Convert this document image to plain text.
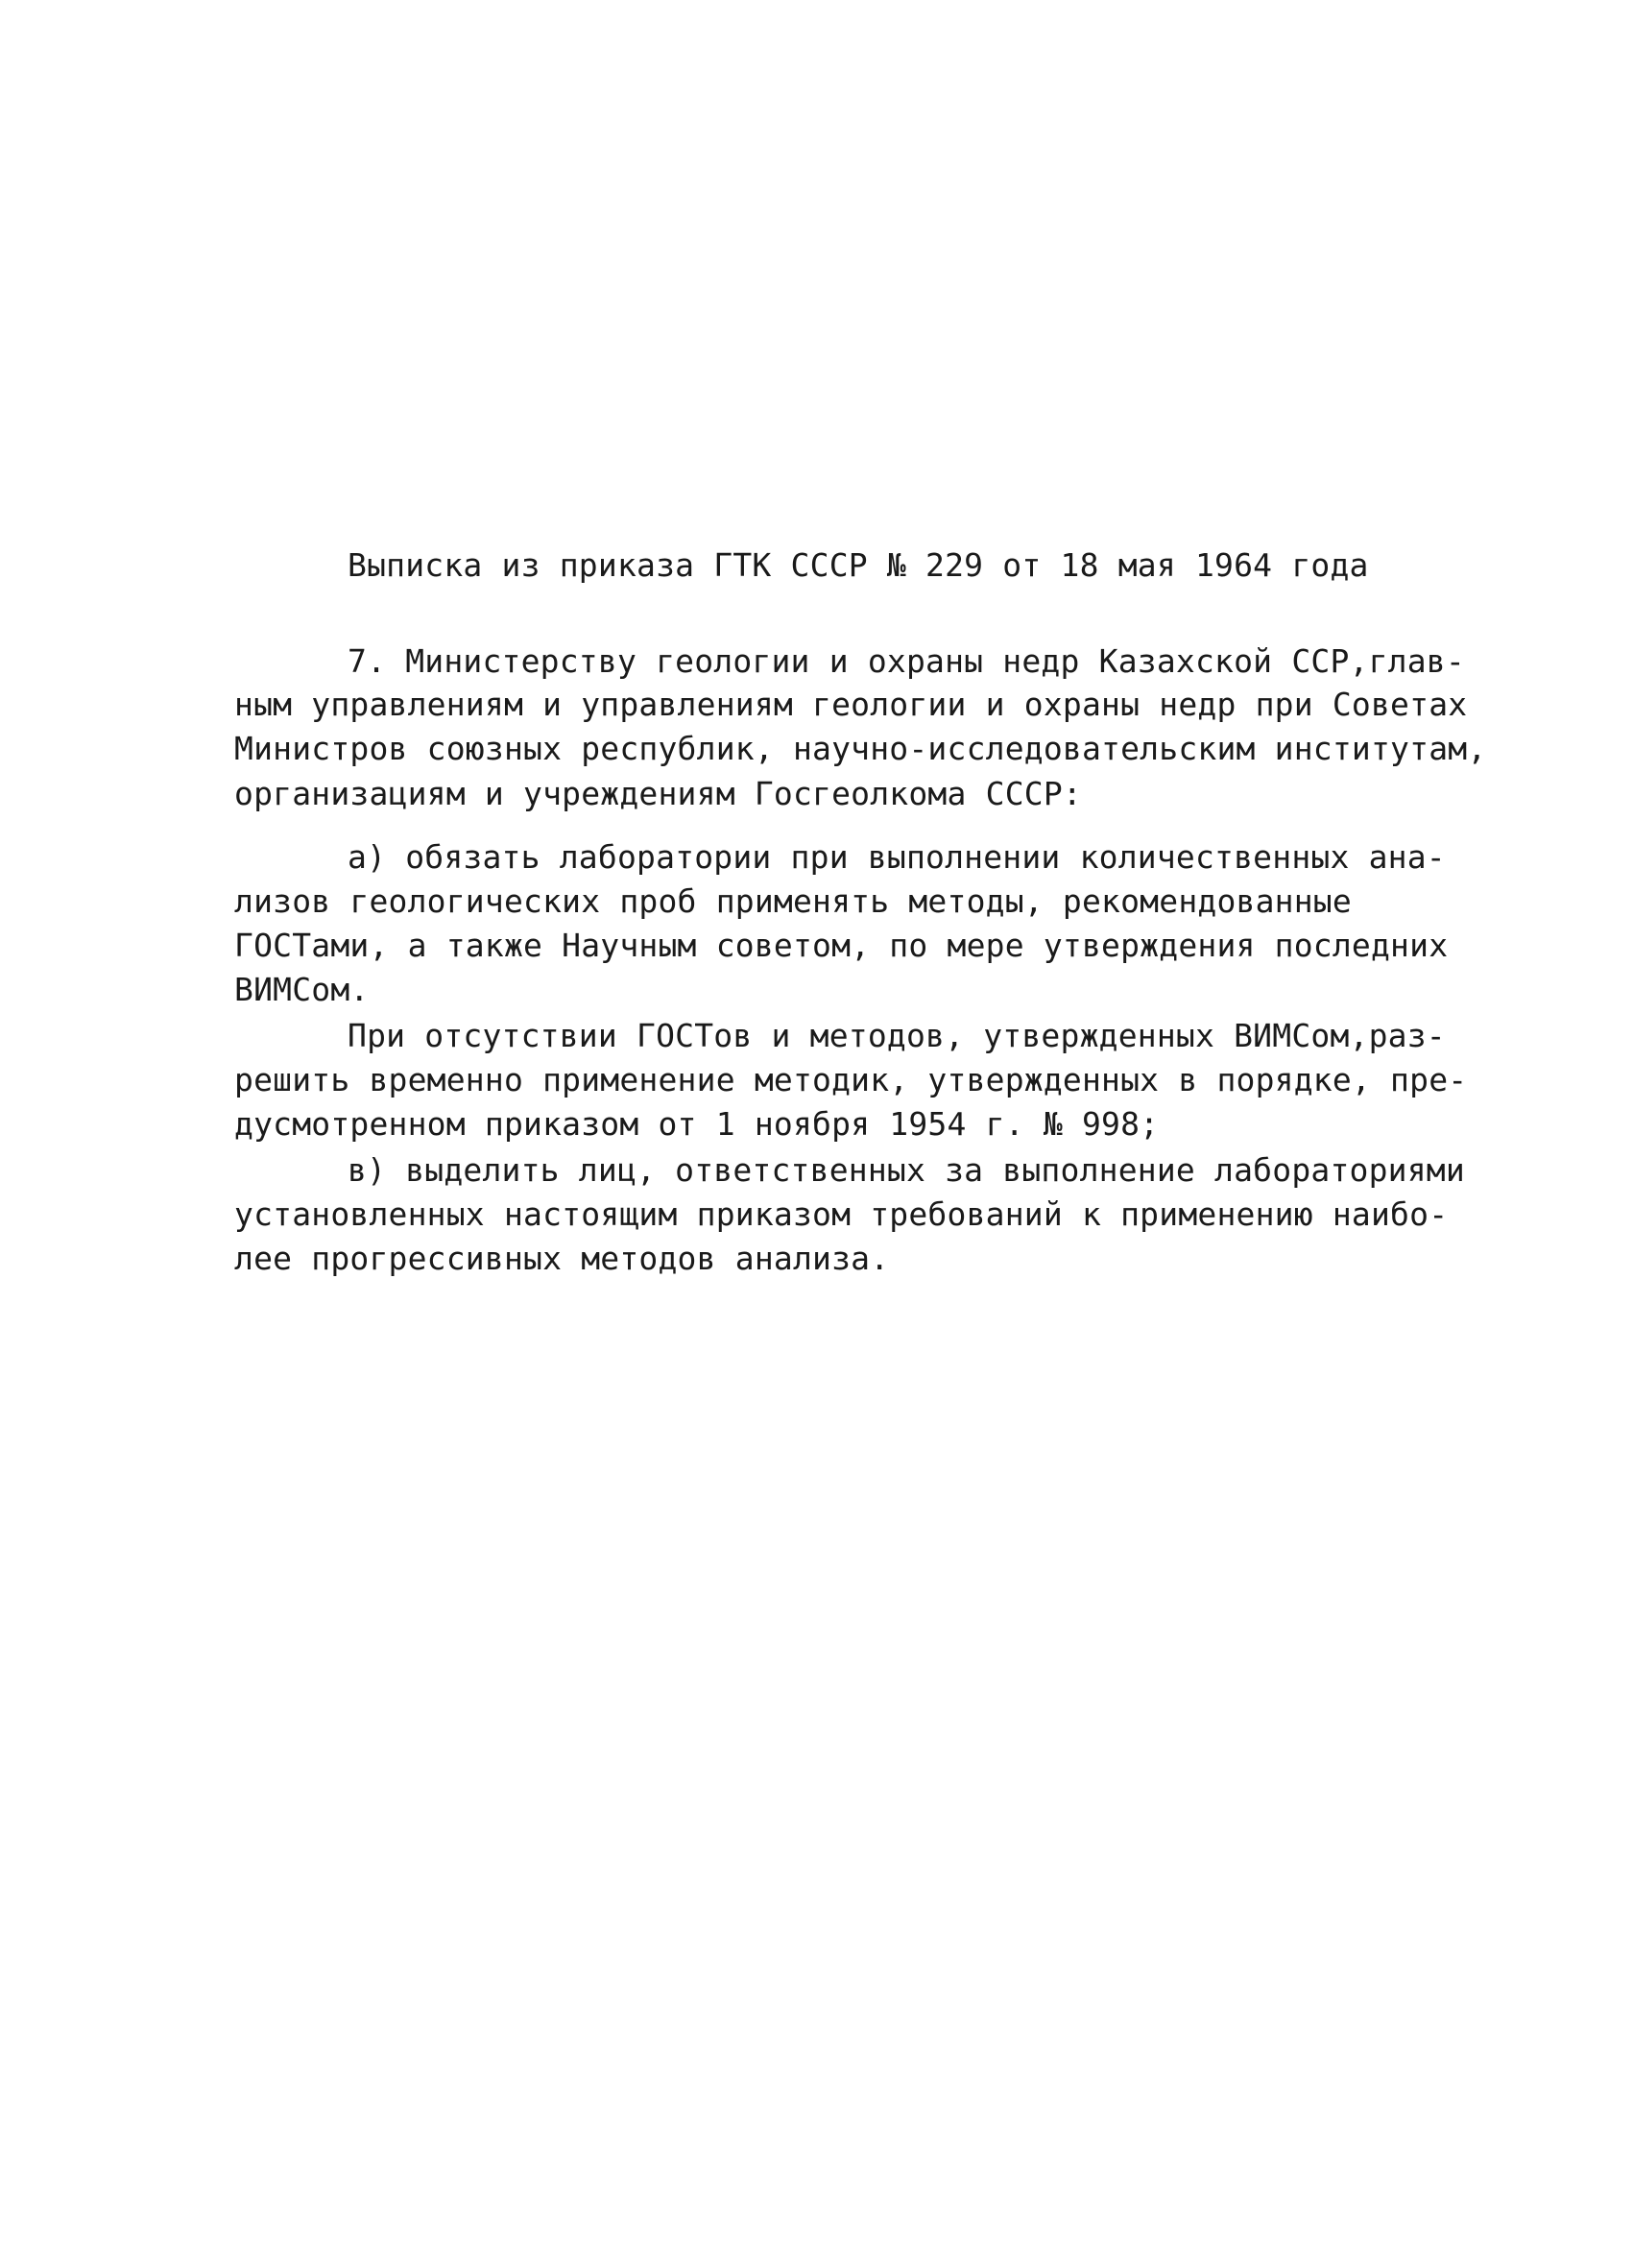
Выписка из приказа ГТК СССР № 229 от 18 мая 1964 года
7. Министерству геологии и охраны недр Казахской ССР,глав-
ным управлениям и управлениям геологии и охраны недр при Советах
Министров союзных республик, научно-исследовательским институтам,
организациям и учреждениям Госгеолкома СССР:
а) обязать лаборатории при выполнении количественных ана-
лизов геологических проб применять методы, рекомендованные
ГОСТами, а также Научным советом, по мере утверждения последних
ВИМСом.
При отсутствии ГОСТов и методов, утвержденных ВИМСом,раз-
решить временно применение методик, утвержденных в порядке, пре-
дусмотренном приказом от 1 ноября 1954 г. № 998;
в) выделить лиц, ответственных за выполнение лабораториями
установленных настоящим приказом требований к применению наибо-
лее прогрессивных методов анализа.
